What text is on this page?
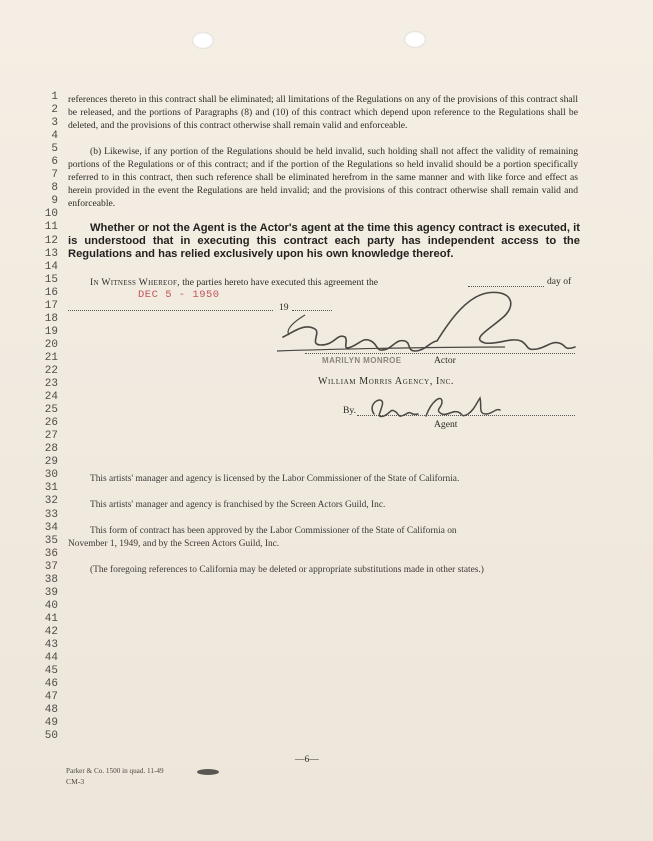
1
2
3
4
5
6
7
8
9
10
11
12
13
14
15
16
17
18
19
20
21
22
23
24
25
26
27
28
29
30
31
32
33
34
35
36
37
38
39
40
41
42
43
44
45
46
47
48
49
50
references thereto in this contract shall be eliminated; all limitations of the Regulations on any of the provisions of this contract shall be released, and the portions of Paragraphs (8) and (10) of this contract which depend upon reference to the Regulations shall be deleted, and the provisions of this contract otherwise shall remain valid and enforceable.
(b) Likewise, if any portion of the Regulations should be held invalid, such holding shall not affect the validity of remaining portions of the Regulations or of this contract; and if the portion of the Regulations so held invalid should be a portion specifically referred to in this contract, then such reference shall be eliminated herefrom in the same manner and with like force and effect as herein provided in the event the Regulations are held invalid; and the provisions of this contract otherwise shall remain valid and enforceable.
Whether or not the Agent is the Actor's agent at the time this agency contract is executed, it is understood that in executing this contract each party has independent access to the Regulations and has relied exclusively upon his own knowledge thereof.
In Witness Whereof, the parties hereto have executed this agreement the	day of
DEC 5 - 1950
19
MARILYN MONROE	Actor
William Morris Agency, Inc.
By.
Agent
This artists' manager and agency is licensed by the Labor Commissioner of the State of California.
This artists' manager and agency is franchised by the Screen Actors Guild, Inc.
This form of contract has been approved by the Labor Commissioner of the State of California on
November 1, 1949, and by the Screen Actors Guild, Inc.
(The foregoing references to California may be deleted or appropriate substitutions made in other states.)
—6—
Parker & Co. 1500 in quad. 11-49
CM-3
